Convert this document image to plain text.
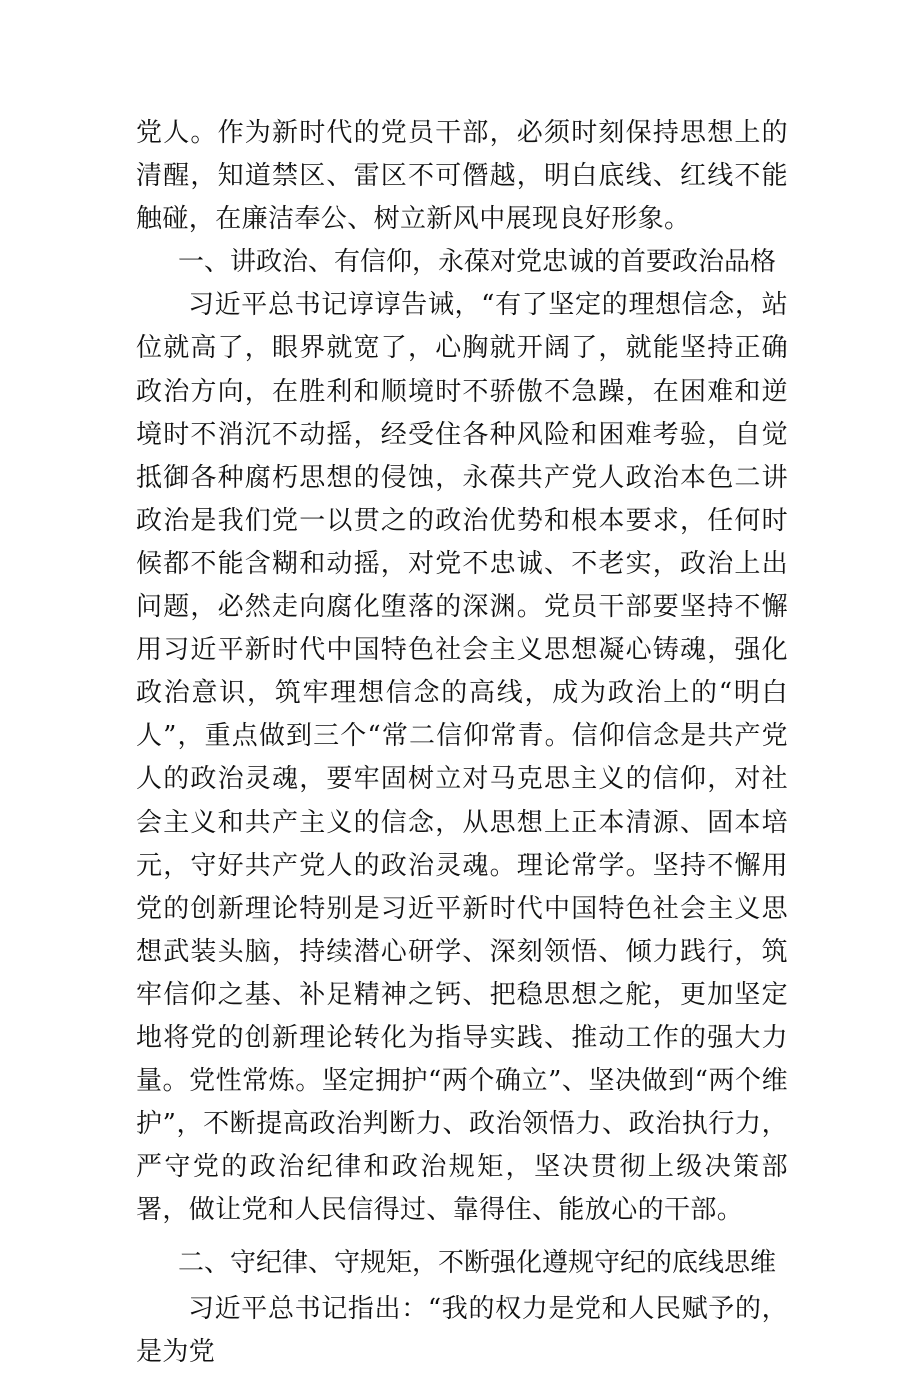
党人。作为新时代的党员干部，必须时刻保持思想上的清醒，知道禁区、雷区不可僭越，明白底线、红线不能触碰，在廉洁奉公、树立新风中展现良好形象。

一、讲政治、有信仰，永葆对党忠诚的首要政治品格

习近平总书记谆谆告诫，“有了坚定的理想信念，站位就高了，眼界就宽了，心胸就开阔了，就能坚持正确政治方向，在胜利和顺境时不骄傲不急躁，在困难和逆境时不消沉不动摇，经受住各种风险和困难考验，自觉抵御各种腐朽思想的侵蚀，永葆共产党人政治本色二讲政治是我们党一以贯之的政治优势和根本要求，任何时候都不能含糊和动摇，对党不忠诚、不老实，政治上出问题，必然走向腐化堕落的深渊。党员干部要坚持不懈用习近平新时代中国特色社会主义思想凝心铸魂，强化政治意识，筑牢理想信念的高线，成为政治上的“明白人”，重点做到三个“常二信仰常青。信仰信念是共产党人的政治灵魂，要牢固树立对马克思主义的信仰，对社会主义和共产主义的信念，从思想上正本清源、固本培元，守好共产党人的政治灵魂。理论常学。坚持不懈用党的创新理论特别是习近平新时代中国特色社会主义思想武装头脑，持续潜心研学、深刻领悟、倾力践行，筑牢信仰之基、补足精神之钙、把稳思想之舵，更加坚定地将党的创新理论转化为指导实践、推动工作的强大力量。党性常炼。坚定拥护“两个确立”、坚决做到“两个维护”，不断提高政治判断力、政治领悟力、政治执行力，严守党的政治纪律和政治规矩，坚决贯彻上级决策部署，做让党和人民信得过、靠得住、能放心的干部。

二、守纪律、守规矩，不断强化遵规守纪的底线思维

习近平总书记指出：“我的权力是党和人民赋予的，是为党
